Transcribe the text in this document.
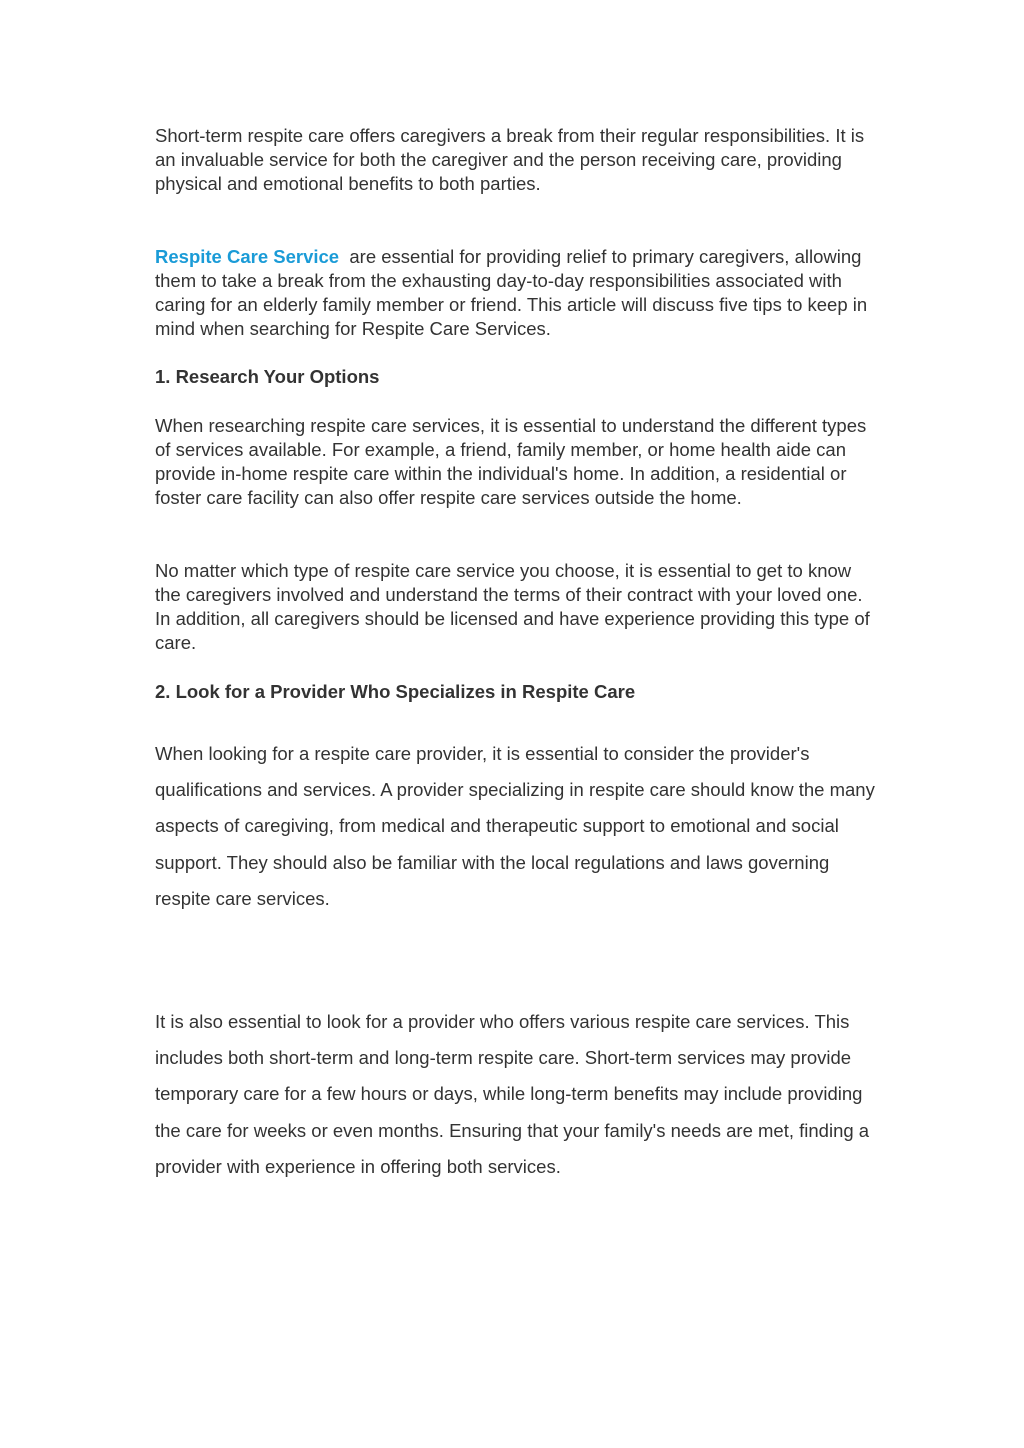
Short-term respite care offers caregivers a break from their regular responsibilities. It is an invaluable service for both the caregiver and the person receiving care, providing physical and emotional benefits to both parties.

Respite Care Service  are essential for providing relief to primary caregivers, allowing them to take a break from the exhausting day-to-day responsibilities associated with caring for an elderly family member or friend. This article will discuss five tips to keep in mind when searching for Respite Care Services.

1. Research Your Options

When researching respite care services, it is essential to understand the different types of services available. For example, a friend, family member, or home health aide can provide in-home respite care within the individual's home. In addition, a residential or foster care facility can also offer respite care services outside the home.

No matter which type of respite care service you choose, it is essential to get to know the caregivers involved and understand the terms of their contract with your loved one. In addition, all caregivers should be licensed and have experience providing this type of care.

2. Look for a Provider Who Specializes in Respite Care

When looking for a respite care provider, it is essential to consider the provider's qualifications and services. A provider specializing in respite care should know the many aspects of caregiving, from medical and therapeutic support to emotional and social support. They should also be familiar with the local regulations and laws governing respite care services.

It is also essential to look for a provider who offers various respite care services. This includes both short-term and long-term respite care. Short-term services may provide temporary care for a few hours or days, while long-term benefits may include providing the care for weeks or even months. Ensuring that your family's needs are met, finding a provider with experience in offering both services.
